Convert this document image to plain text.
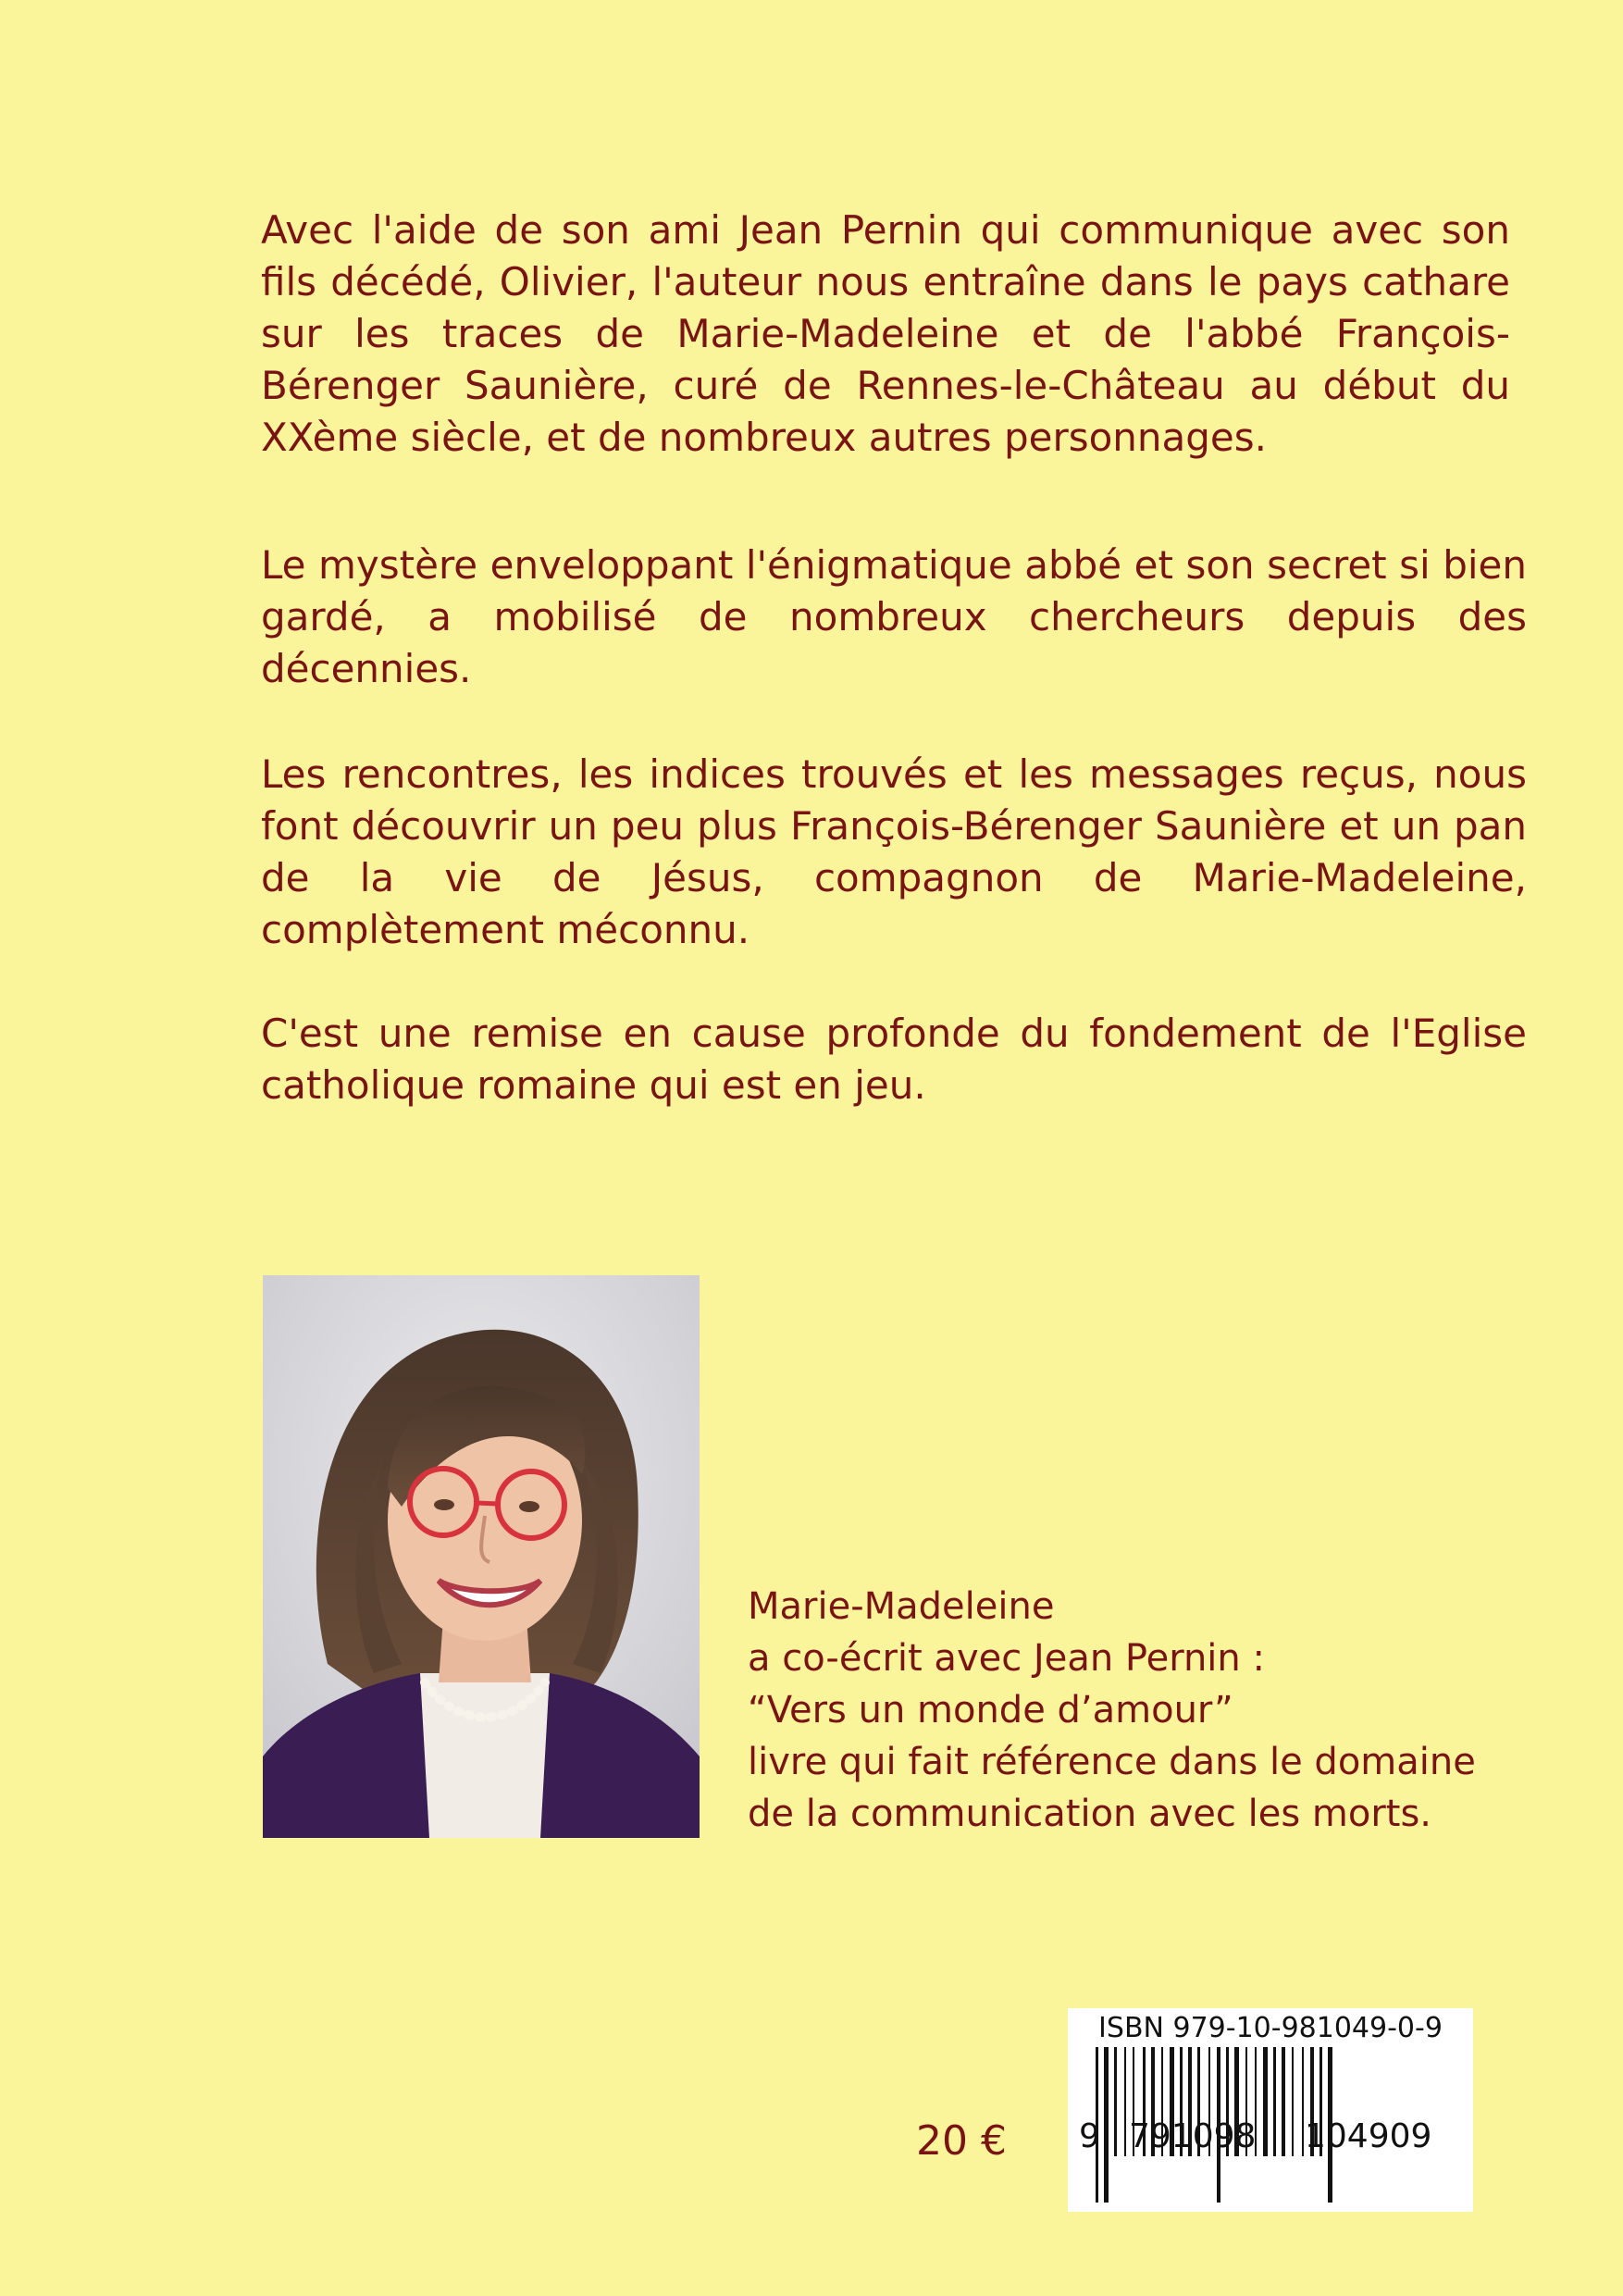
Avec l'aide de son ami Jean Pernin qui communique avec son fils décédé, Olivier, l'auteur nous entraîne dans le pays cathare sur les traces de Marie-Madeleine et de l'abbé François-Bérenger Saunière, curé de Rennes-le-Château au début du XXème siècle, et de nombreux autres personnages.

Le mystère enveloppant l'énigmatique abbé et son secret si bien gardé, a mobilisé de nombreux chercheurs depuis des décennies.

Les rencontres, les indices trouvés et les messages reçus, nous font découvrir un peu plus François-Bérenger Saunière et un pan de la vie de Jésus, compagnon de Marie-Madeleine, complètement méconnu.

C'est une remise en cause profonde du fondement de l'Eglise catholique romaine qui est en jeu.

Marie-Madeleine
a co-écrit avec Jean Pernin :
“Vers un monde d’amour”
livre qui fait référence dans le domaine
de la communication avec les morts.
20 €
ISBN 979-10-981049-0-9
9 791098 104909
